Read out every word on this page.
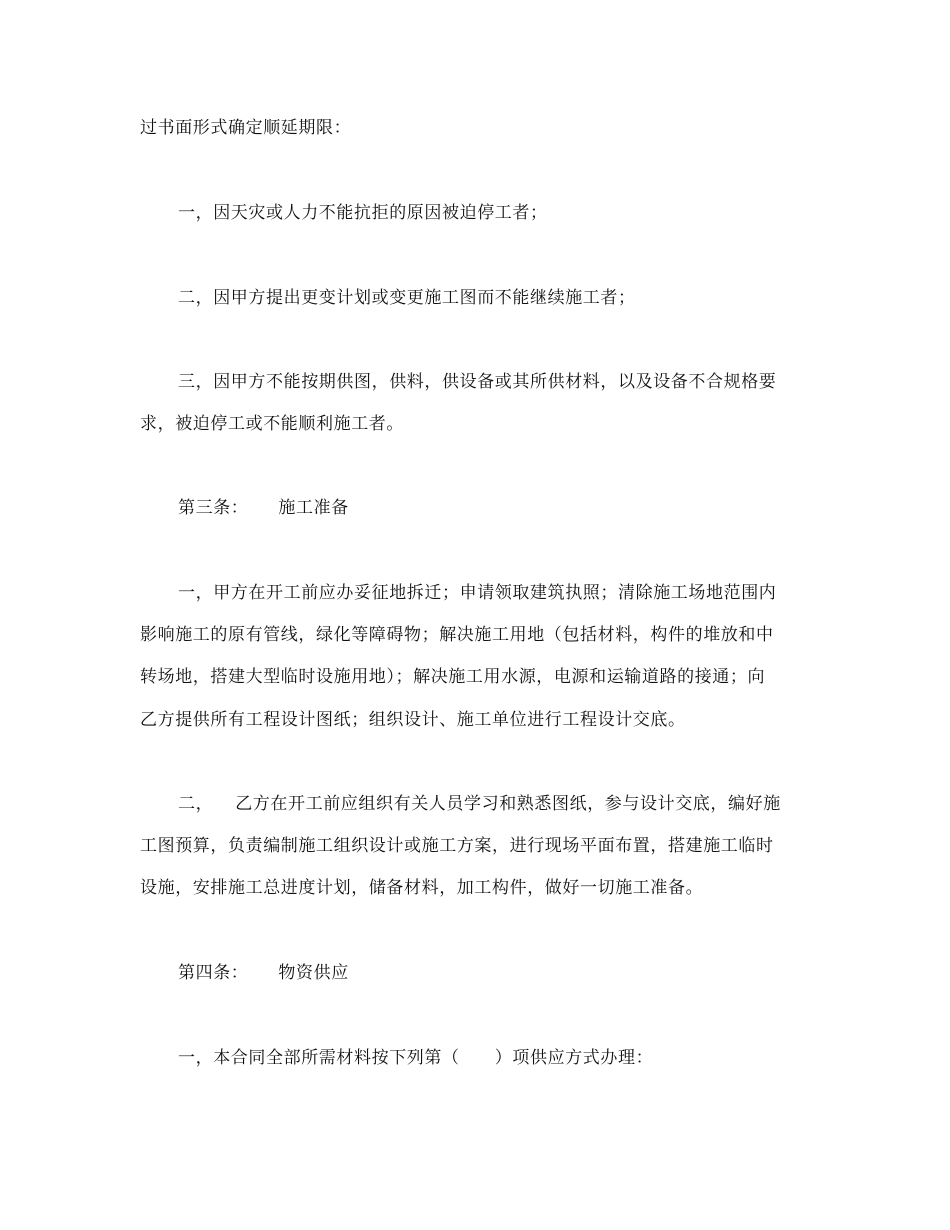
过书面形式确定顺延期限：
一，因天灾或人力不能抗拒的原因被迫停工者；
二，因甲方提出更变计划或变更施工图而不能继续施工者；
三，因甲方不能按期供图，供料，供设备或其所供材料，以及设备不合规格要
求，被迫停工或不能顺利施工者。
第三条： 施工准备
一，甲方在开工前应办妥征地拆迁；申请领取建筑执照；清除施工场地范围内
影响施工的原有管线，绿化等障碍物；解决施工用地（包括材料，构件的堆放和中
转场地，搭建大型临时设施用地）；解决施工用水源，电源和运输道路的接通；向
乙方提供所有工程设计图纸；组织设计、施工单位进行工程设计交底。
二， 乙方在开工前应组织有关人员学习和熟悉图纸，参与设计交底，编好施
工图预算，负责编制施工组织设计或施工方案，进行现场平面布置，搭建施工临时
设施，安排施工总进度计划，储备材料，加工构件，做好一切施工准备。
第四条： 物资供应
一，本合同全部所需材料按下列第（　　）项供应方式办理：
